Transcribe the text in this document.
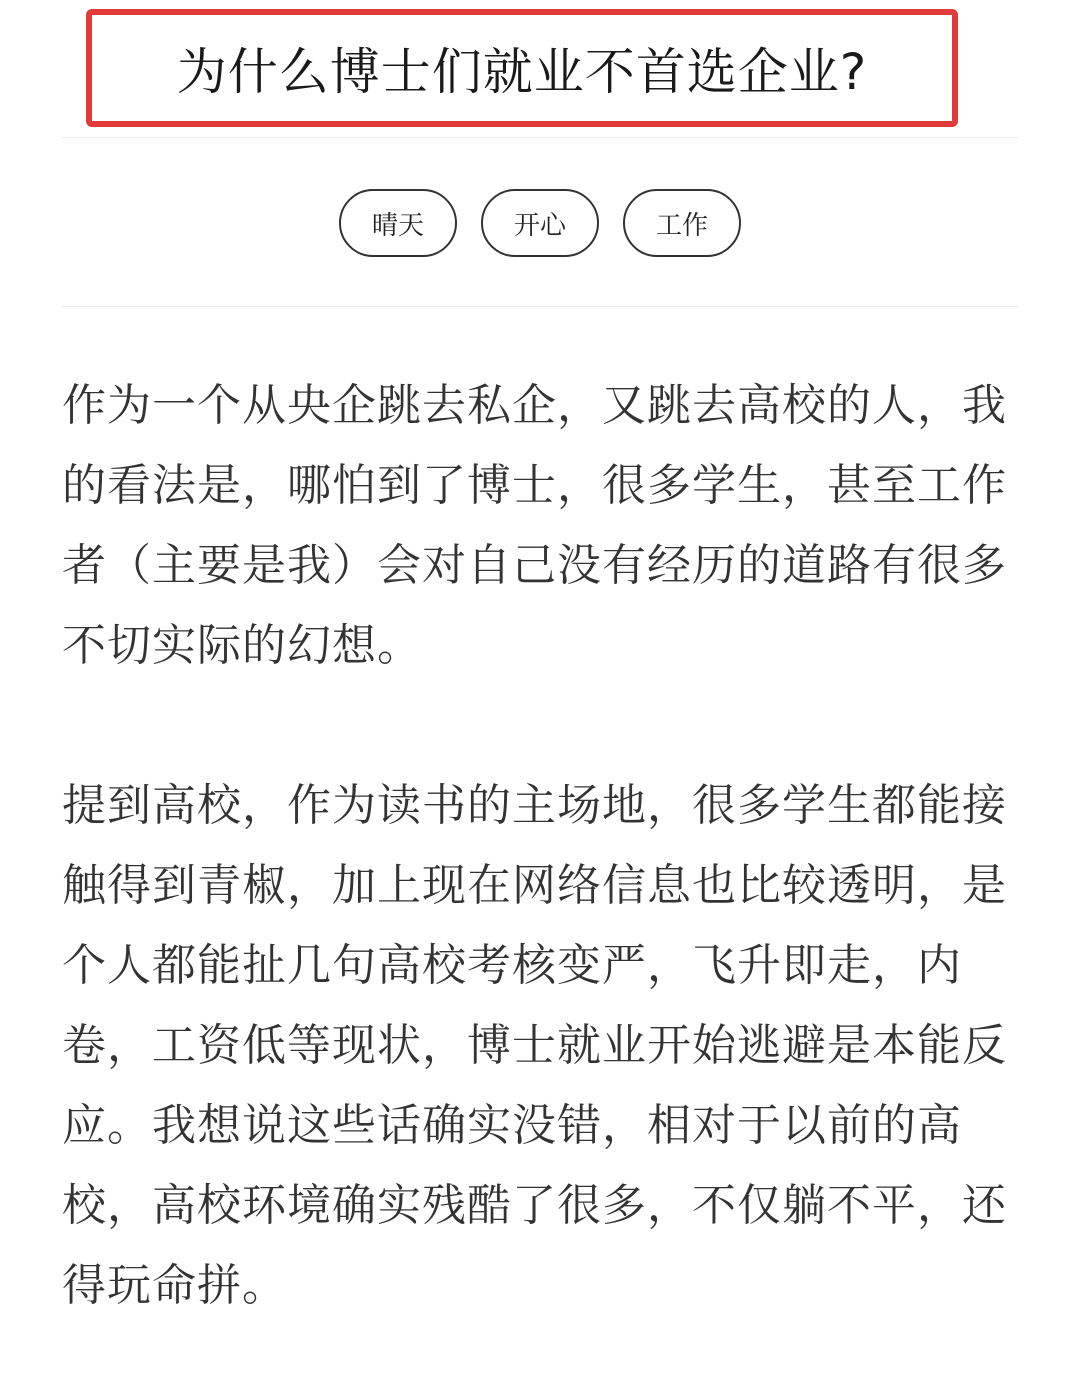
为什么博士们就业不首选企业?
晴天	开心	工作

作为一个从央企跳去私企，又跳去高校的人，我的看法是，哪怕到了博士，很多学生，甚至工作者（主要是我）会对自己没有经历的道路有很多不切实际的幻想。

提到高校，作为读书的主场地，很多学生都能接触得到青椒，加上现在网络信息也比较透明，是个人都能扯几句高校考核变严，飞升即走，内卷，工资低等现状，博士就业开始逃避是本能反应。我想说这些话确实没错，相对于以前的高校，高校环境确实残酷了很多，不仅躺不平，还得玩命拼。
